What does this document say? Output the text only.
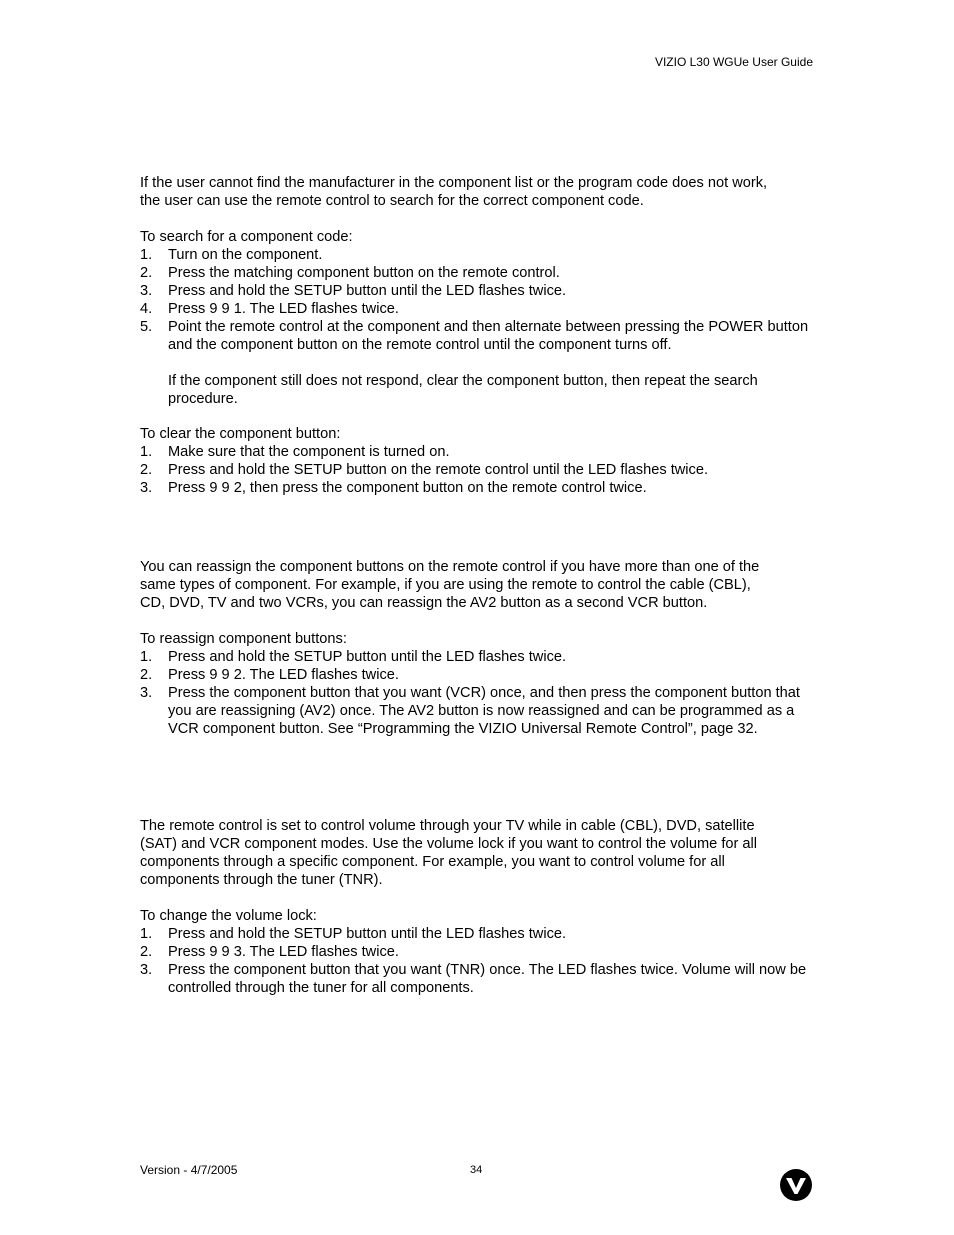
VIZIO L30 WGUe User Guide

If the user cannot find the manufacturer in the component list or the program code does not work,

the user can use the remote control to search for the correct component code.

To search for a component code:

1. Turn on the component.
2. Press the matching component button on the remote control.
3. Press and hold the SETUP button until the LED flashes twice.
4. Press 9 9 1. The LED flashes twice.
5. Point the remote control at the component and then alternate between pressing the POWER button and the component button on the remote control until the component turns off.

If the component still does not respond, clear the component button, then repeat the search procedure.

To clear the component button:

1. Make sure that the component is turned on.
2. Press and hold the SETUP button on the remote control until the LED flashes twice.
3. Press 9 9 2, then press the component button on the remote control twice.

You can reassign the component buttons on the remote control if you have more than one of the

same types of component. For example, if you are using the remote to control the cable (CBL),

CD, DVD, TV and two VCRs, you can reassign the AV2 button as a second VCR button.

To reassign component buttons:

1. Press and hold the SETUP button until the LED flashes twice.
2. Press 9 9 2. The LED flashes twice.
3. Press the component button that you want (VCR) once, and then press the component button that you are reassigning (AV2) once. The AV2 button is now reassigned and can be programmed as a VCR component button. See “Programming the VIZIO Universal Remote Control”, page 32.

The remote control is set to control volume through your TV while in cable (CBL), DVD, satellite

(SAT) and VCR component modes. Use the volume lock if you want to control the volume for all

components through a specific component. For example, you want to control volume for all

components through the tuner (TNR).

To change the volume lock:

1. Press and hold the SETUP button until the LED flashes twice.
2. Press 9 9 3. The LED flashes twice.
3. Press the component button that you want (TNR) once. The LED flashes twice. Volume will now be controlled through the tuner for all components.
Version - 4/7/2005	34
